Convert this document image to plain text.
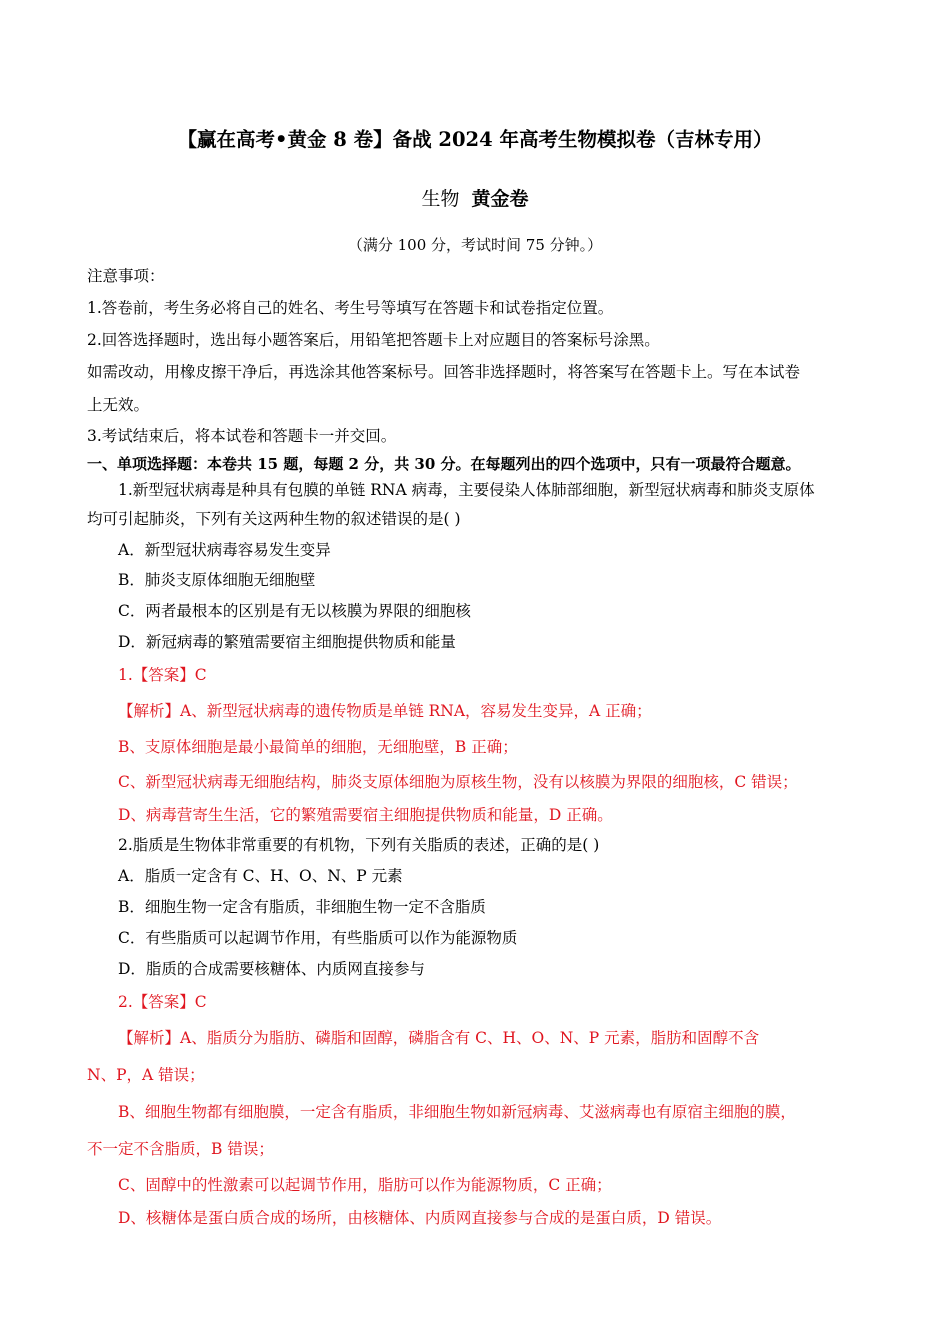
【赢在高考•黄金 8 卷】备战 2024 年高考生物模拟卷（吉林专用）
生物 黄金卷
（满分 100 分，考试时间 75 分钟。）
注意事项：
1.答卷前，考生务必将自己的姓名、考生号等填写在答题卡和试卷指定位置。
2.回答选择题时，选出每小题答案后，用铅笔把答题卡上对应题目的答案标号涂黑。
如需改动，用橡皮擦干净后，再选涂其他答案标号。回答非选择题时，将答案写在答题卡上。写在本试卷
上无效。
3.考试结束后，将本试卷和答题卡一并交回。
一、单项选择题：本卷共 15 题，每题 2 分，共 30 分。在每题列出的四个选项中，只有一项最符合题意。
1.新型冠状病毒是种具有包膜的单链 RNA 病毒，主要侵染人体肺部细胞，新型冠状病毒和肺炎支原体
均可引起肺炎，下列有关这两种生物的叙述错误的是( )
A．新型冠状病毒容易发生变异
B．肺炎支原体细胞无细胞壁
C．两者最根本的区别是有无以核膜为界限的细胞核
D．新冠病毒的繁殖需要宿主细胞提供物质和能量
1.【答案】C
【解析】A、新型冠状病毒的遗传物质是单链 RNA，容易发生变异，A 正确；
B、支原体细胞是最小最简单的细胞，无细胞壁，B 正确；
C、新型冠状病毒无细胞结构，肺炎支原体细胞为原核生物，没有以核膜为界限的细胞核，C 错误；
D、病毒营寄生生活，它的繁殖需要宿主细胞提供物质和能量，D 正确。
2.脂质是生物体非常重要的有机物，下列有关脂质的表述，正确的是( )
A．脂质一定含有 C、H、O、N、P 元素
B．细胞生物一定含有脂质，非细胞生物一定不含脂质
C．有些脂质可以起调节作用，有些脂质可以作为能源物质
D．脂质的合成需要核糖体、内质网直接参与
2.【答案】C
【解析】A、脂质分为脂肪、磷脂和固醇，磷脂含有 C、H、O、N、P 元素，脂肪和固醇不含
N、P，A 错误；
B、细胞生物都有细胞膜，一定含有脂质，非细胞生物如新冠病毒、艾滋病毒也有原宿主细胞的膜，
不一定不含脂质，B 错误；
C、固醇中的性激素可以起调节作用，脂肪可以作为能源物质，C 正确；
D、核糖体是蛋白质合成的场所，由核糖体、内质网直接参与合成的是蛋白质，D 错误。
